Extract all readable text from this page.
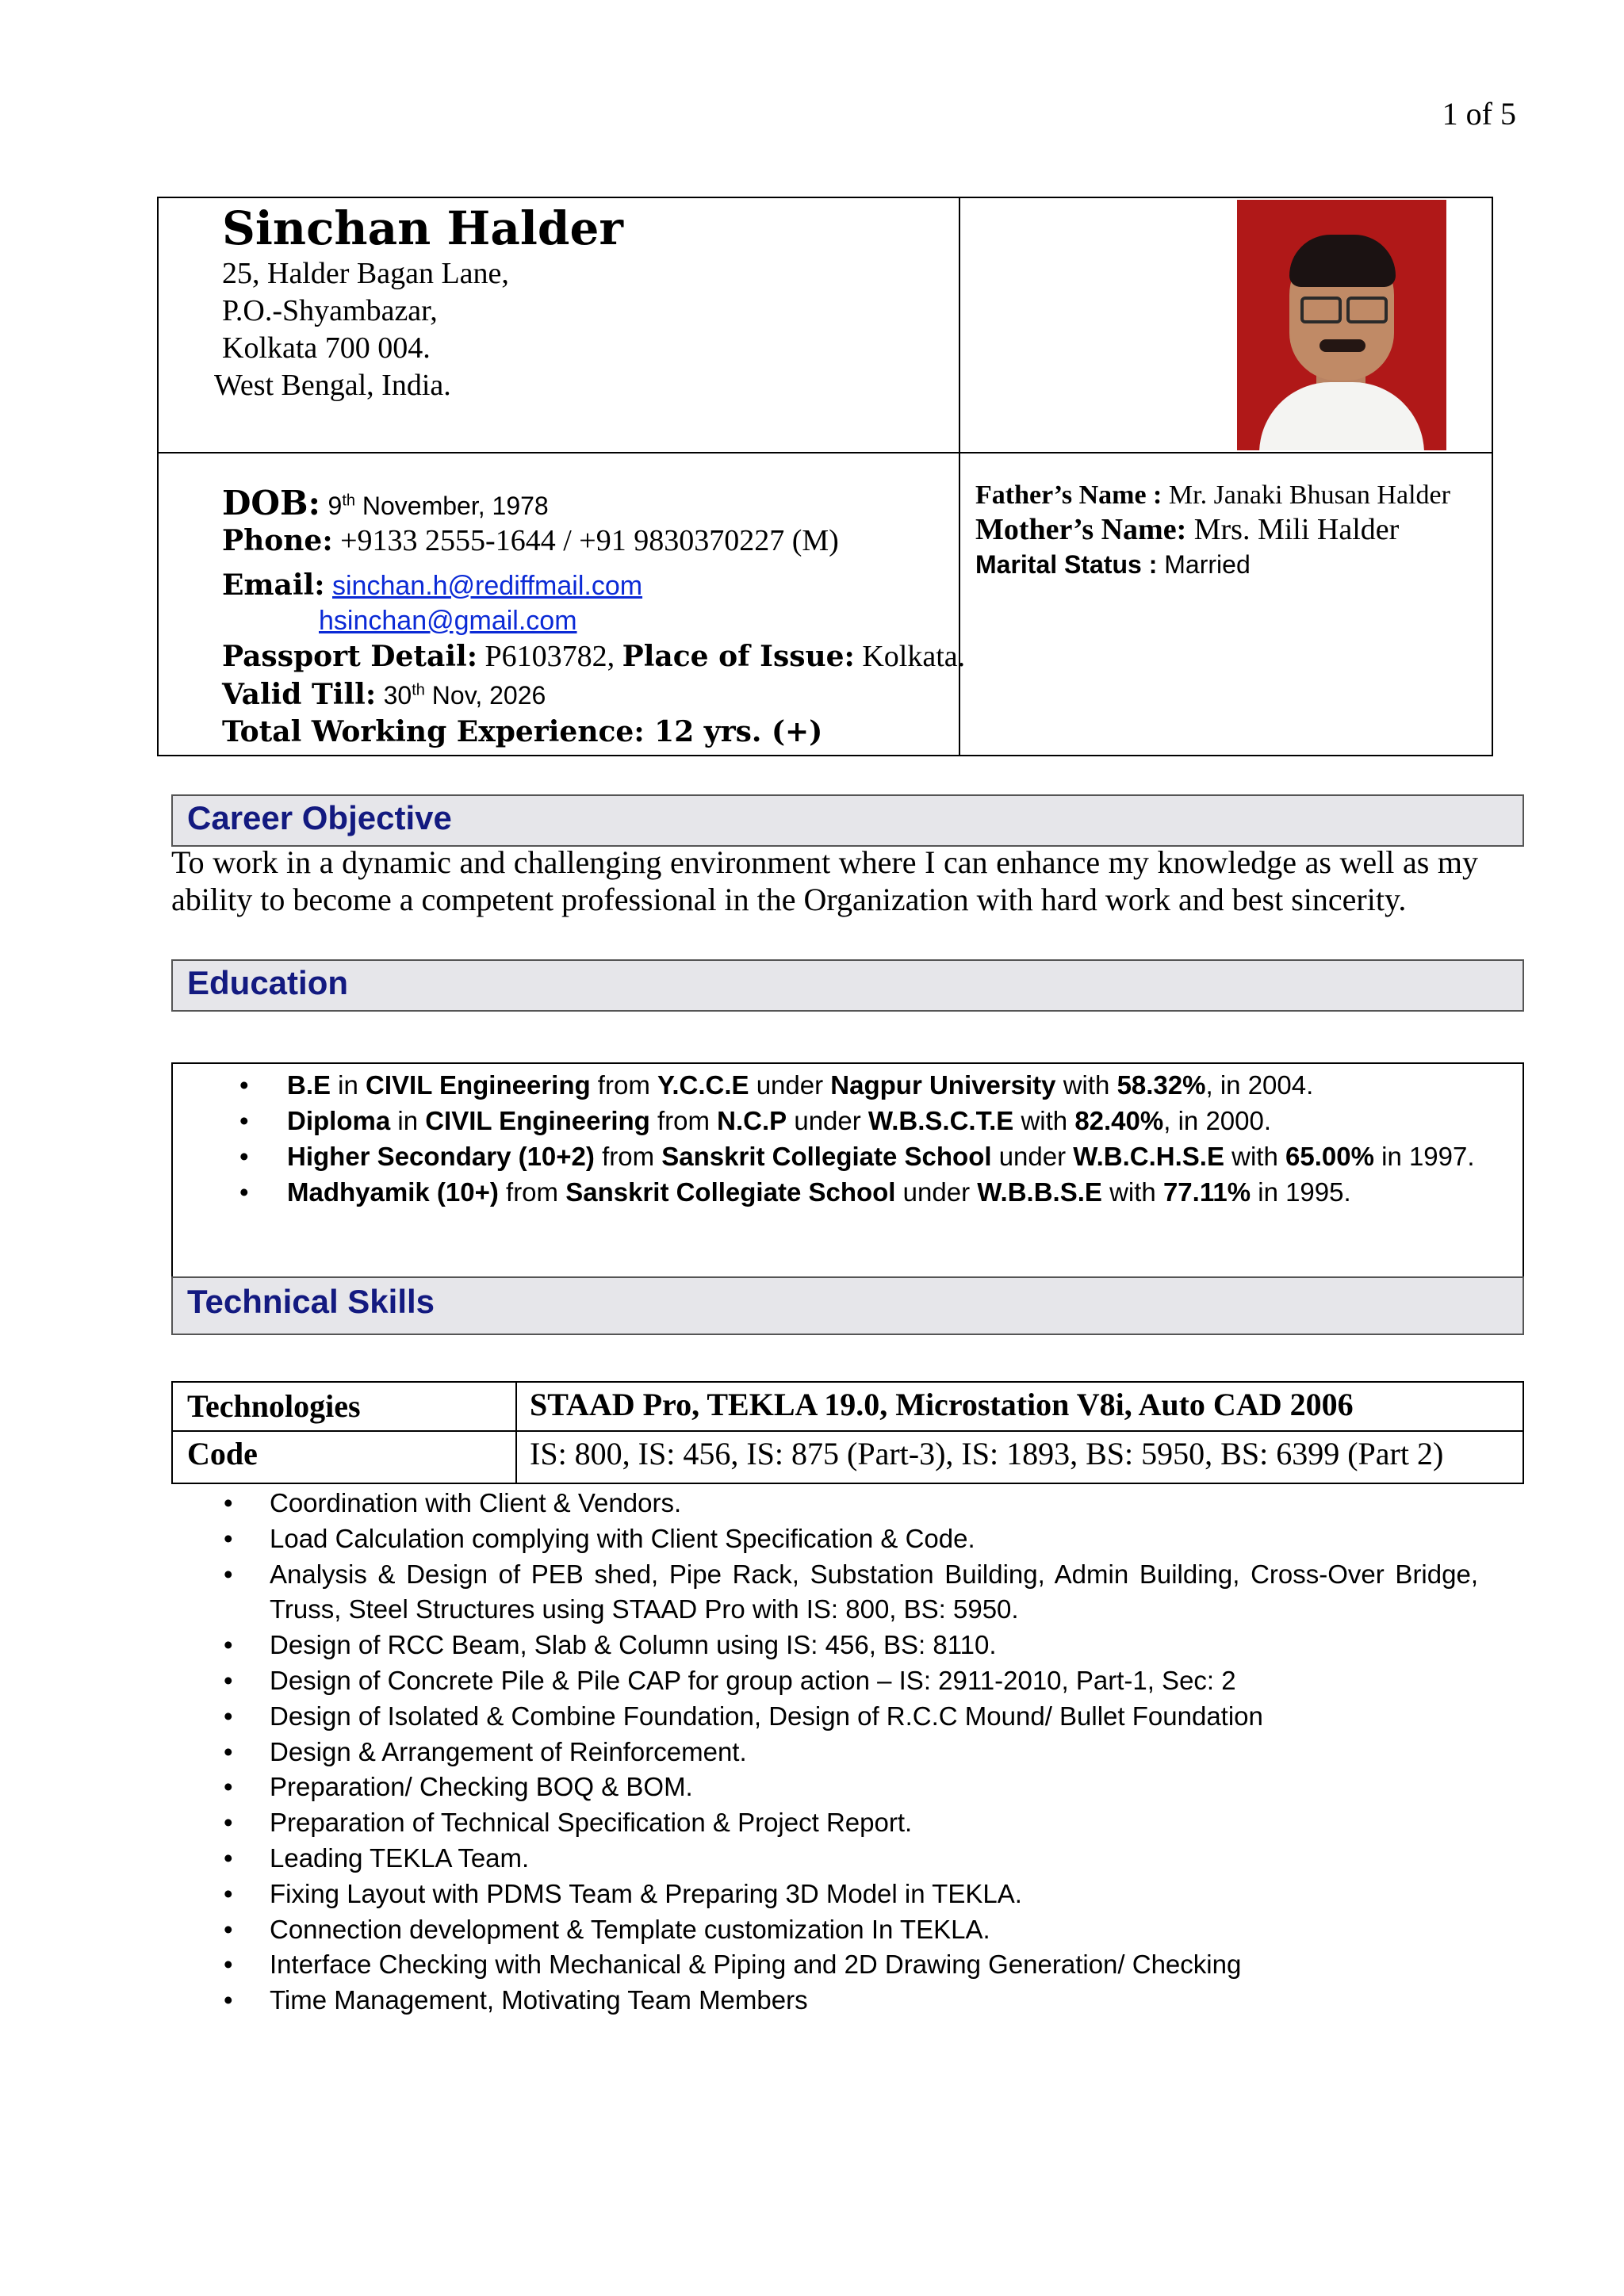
1 of 5
Sinchan Halder
25, Halder Bagan Lane,
P.O.-Shyambazar,
Kolkata 700 004.
West Bengal, India.
DOB: 9th November, 1978
Phone: +9133 2555-1644 / +91 9830370227 (M)
Email: sinchan.h@rediffmail.com
hsinchan@gmail.com
Passport Detail: P6103782, Place of Issue: Kolkata.
Valid Till: 30th Nov, 2026
Total Working Experience: 12 yrs. (+)
Father’s Name : Mr. Janaki Bhusan Halder
Mother’s Name: Mrs. Mili Halder
Marital Status : Married
Career Objective
To work in a dynamic and challenging environment where I can enhance my knowledge as well as my ability to become a competent professional in the Organization with hard work and best sincerity.
Education
• B.E in CIVIL Engineering from Y.C.C.E under Nagpur University with 58.32%, in 2004.
• Diploma in CIVIL Engineering from N.C.P under W.B.S.C.T.E with 82.40%, in 2000.
• Higher Secondary (10+2) from Sanskrit Collegiate School under W.B.C.H.S.E with 65.00% in 1997.
• Madhyamik (10+) from Sanskrit Collegiate School under W.B.B.S.E with 77.11% in 1995.
Technical Skills
Technologies	STAAD Pro, TEKLA 19.0, Microstation V8i, Auto CAD 2006
Code	IS: 800, IS: 456, IS: 875 (Part-3), IS: 1893, BS: 5950, BS: 6399 (Part 2)
• Coordination with Client & Vendors.
• Load Calculation complying with Client Specification & Code.
• Analysis & Design of PEB shed, Pipe Rack, Substation Building, Admin Building, Cross-Over Bridge, Truss, Steel Structures using STAAD Pro with IS: 800, BS: 5950.
• Design of RCC Beam, Slab & Column using IS: 456, BS: 8110.
• Design of Concrete Pile & Pile CAP for group action – IS: 2911-2010, Part-1, Sec: 2
• Design of Isolated & Combine Foundation, Design of R.C.C Mound/ Bullet Foundation
• Design & Arrangement of Reinforcement.
• Preparation/ Checking BOQ & BOM.
• Preparation of Technical Specification & Project Report.
• Leading TEKLA Team.
• Fixing Layout with PDMS Team & Preparing 3D Model in TEKLA.
• Connection development & Template customization In TEKLA.
• Interface Checking with Mechanical & Piping and 2D Drawing Generation/ Checking
• Time Management, Motivating Team Members
